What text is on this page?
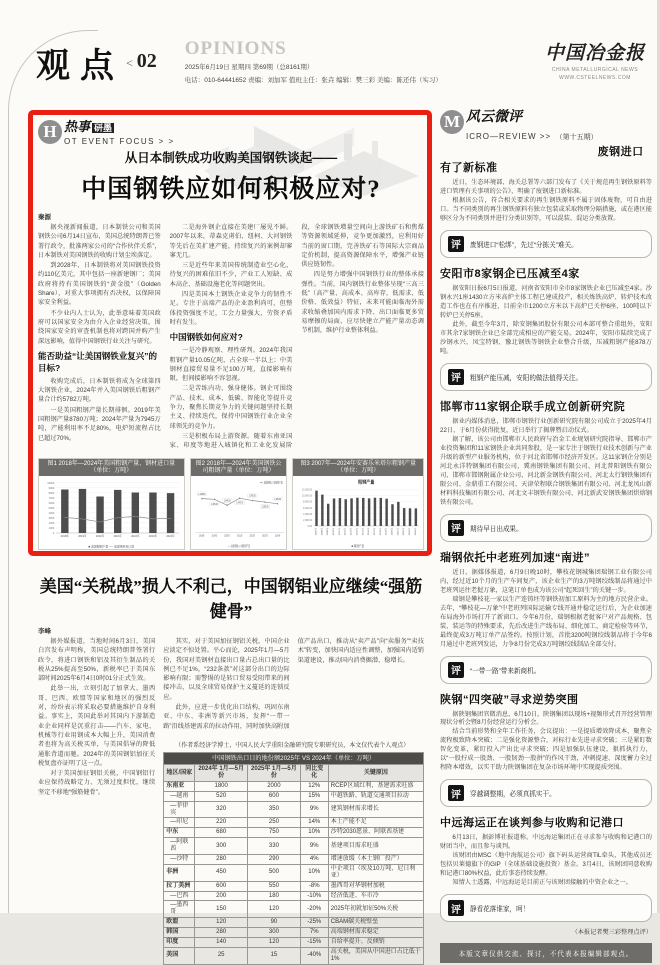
观点 < 02
OPINIONS
2025年6月19日 星期四 第69期（总8161期）
电话：010-64441652 责编：刘加军 值班主任：张垚 编辑：樊三彩 美编：陈还伟（实习）
中国冶金报
CHINA METALLURGICAL NEWS
WWW.CSTEELNEWS.COM
H 热事 研墨
OT EVENT FOCUS > >
从日本制铁成功收购美国钢铁谈起——
中国钢铁应如何积极应对?
秦源

据央视新闻报道，日本制铁公司和美国钢铁公司6月14日宣布，美国总统特朗普已签署行政令，批准两家公司的“合作伙伴关系”，日本制铁对美国钢铁的收购计划尘埃落定。

到2028年，日本制铁将对美国钢铁投资约110亿美元，其中包括一座新建钢厂；美国政府将持有美国钢铁的“黄金股”（Golden Share），对重大事项拥有否决权，以保障国家安全利益。

不少业内人士认为，此举意味着美国政府可以国家安全为由介入企业经营决策，围绕国家安全的审查机制也将对跨国并购产生深远影响，值得中国钢铁行业关注与研究。

能否助益“让美国钢铁业复兴”的目标?

收购完成后，日本制铁将成为全球第四大钢铁企业，2024年并入美国钢铁后粗钢产量合计约5782万吨。

一是美国粗钢产量长期徘徊。2019年美国粗钢产量8780万吨；2024年产量为7945万吨，产能利用率不足80%，电炉短流程占比已超过70%。

二是海外钢企直接在美建厂屡见不鲜。2007年以来，蒂森克虏伯、纽柯、大河钢铁等先后在美扩建产能，持续复兴的案例却寥寥无几。

三是近些年来美国传统制造业空心化，待复兴的困难依旧不少，产业工人短缺、成本高企、基础设施老化等问题突出。

四是美国本土钢铁企业竞争力的韧性不足。专注于高端产品的企业盈利尚可，但整体投资强度不足，工会力量强大，劳资矛盾时有发生。

中国钢铁如何应对?

一是冷静观察、理性研判。2024年我国粗钢产量10.05亿吨，占全球一半以上；中美钢材直接贸易量不足100万吨，直接影响有限，但间接影响不容忽视。

二是苦练内功、强身健体。钢企可围绕产品、技术、成本、低碳、智能化等提升竞争力，聚焦长期竞争力的关键问题坚持长期主义、持续迭代，保持中国钢铁行业企业全球领先的竞争力。

三是积极布局上游资源。随着东南亚国家、印度等地进入城镇化和工业化发展阶段，全球钢铁增量空间向上游铁矿石和焦煤等资源领域延伸，竞争更加激烈，应利用好当前的窗口期，完善铁矿石等国际大宗商品定价机制，提高资源保障水平，增强产业链供应链韧性。

四是努力增强中国钢铁行业的整体承接弹性。当前，国内钢铁行业整体呈现“三高三低”（高产量、高成本、高库存，低需求、低价格、低效益）特征，未来可能面临海外需求收缩叠加国内需求下降、出口面临更多贸易摩擦的局面，应尽快建立产能产量动态调节机制，维护行业整体利益。

图1 2018年—2024年美国粗钢产量、钢材进口量（单位：万吨）
0
1000
2000
3000
4000
5000
6000
7000
8000
9000
10000
2018年	2019年	2020年	2021年	2022年	2023年	2024年
■ 美国粗钢产量 ── 美国钢材进口量
图2 2018年—2024年美国钢铁公司粗钢产量（单位：万吨）
1,425.80
1,395.30
1,149.60
1,443.70
1,345.20
1,280.90
1,209.30
2018年 2019年 2020年 2021年 2022年 2023年 2024年
─●─ 美国钢铁公司粗钢产量
── 美国钢铁公司粗钢产量
图3 2007年—2024年安赛乐米塔尔粗钢产量（单位：万吨）
0.00
2,000.00
4,000.00
6,000.00
8,000.00
10,000.00
12,000.00
2007年	2008年	2009年	2010年	2011年	2012年	2013年	2014年	2015年	2016年	2017年	2018年	2019年	2020年	2021年	2022年	2023年	2024年
粗钢产量
■ 粗钢产量
美国“关税战”损人不利己，中国钢铝业应继续“强筋健骨”
李峰

据外媒报道，当地时间6月3日，美国白宫发布声明称，美国总统特朗普签署行政令，将进口钢铁和铝及其衍生制品的关税从25%提高至50%，新税率已于美国东部时间2025年6月4日0时01分正式生效。

此举一出，立刻引起了加拿大、墨西哥、巴西、欧盟等国家和地区的强烈反对，纷纷表示将采取必要措施维护自身利益。事实上，美国此举对其国内下游制造业企业同样是沉重打击——汽车、家电、机械等行业用钢成本大幅上升，美国消费者也将为高关税买单，与美国倡导的降低通胀背道而驰。2024年的美国钢铝加征关税复盘亦证明了这一点。

对于美国加征钢铝关税，中国钢铝行业应保持战略定力、无须过度担忧，继续坚定不移地“强筋健骨”。

其实，对于美国加征钢铝关税，中国企业应淡定不惊处置。平心而论，2025年1月—5月份，我国对美钢材直接出口量占总出口量的比例已不足1%，“232条款”对这部分出口的边际影响有限；需警惕的是转口贸易受阻带来的间接冲击，以及全球贸易保护主义蔓延的连锁反应。

此外，应进一步优化出口结构，巩固东南亚、中东、非洲等新兴市场，发挥“一带一路”沿线基建需求的拉动作用，同时加快高附加值产品出口，推动从“卖产品”向“卖服务”“卖技术”转变，加快国内适应性调整，加强国内适销渠道建设，推动国内消费掘潜、稳增长。

（作者系经济学博士，中国人民大学重阳金融研究院专职研究员，本文仅代表个人观点）

中国钢铁出口目的地份额2025年 VS 2024年（单位：万吨）				
地区/国家	2024年 1月—5月份	2025年 1月—5月份	同比变化	关键原因
东南亚	1800	2000	12%	RCEP区域红利，基建需求旺盛
—越南	520	600	15%	中越铁路、轨道交通项目拉动
—菲律宾	320	350	9%	建筑钢材需求增长
—印尼	220	250	14%	本土产能不足
中东	680	750	10%	沙特2030愿景、阿联酋基建
—阿联酋	300	330	9%	基建项目需求旺盛
—沙特	280	290	4%	增速放缓（本土钢厂投产）
非洲	450	500	10%	中企项目（埃及10万吨、尼日利亚）
拉丁美洲	600	550	-8%	墨西哥对华钢材加税
—巴西	200	180	-10%	经济低迷、车市冷
—墨西哥	150	120	-20%	2025年初就加征50%关税
欧盟	120	90	-25%	CBAM碳关税壁垒
韩国	280	300	7%	高端钢材需求稳定
印度	140	120	-15%	自给率提升、反倾销
美国	25	15	-40%	高关税，美国从中国进口占比低于1%
M 风云微评
ICRO—REVIEW >> （第十五期）
废钢进口有了新标准

近日，生态环境部、海关总署等六部门发布了《关于规范再生钢铁原料等进口管理有关事项的公告》，明确了废钢进口新标准。

根据该公告，符合相关要求的再生钢铁原料不属于固体废物，可自由进口。当不同类别的再生钢铁原料有独立包装或采取物理分隔措施，或在港区能够区分为不同类别并进行分类识别等，可以混装、混运分类放置。

评	废钢进口“松绑”，先过“分拣关”难关。
安阳市8家钢企已压减至4家

据安阳日报6月5日报道，河南省安阳市全市8家钢铁企业已压减至4家。沙钢永兴1座1430立方米高炉主体工程已建成投产，相关炼铁高炉、转炉技术改造工作也在有序推进，目前全市1200立方米以下高炉已关停6座、100吨以下转炉已关停5座。

此外，截至今年3月，除安钢集团股份有限公司本部可整合重组外，安阳市其余7家钢铁企业已全部完成相应的产能交易。2024年，安阳市陆续完成了沙钢永兴、凤宝特钢、豫北钢铁等钢铁企业整合升级，压减粗钢产能878万吨。

评	粗钢产能压减，安阳的做法值得关注。
邯郸市11家钢企联手成立创新研究院

据业内媒体消息，邯郸市钢铁行业创新研究院有限公司成立于2025年4月22日，于6月份获得批复，近日举行了揭牌暨启动仪式。

据了解，该公司由邯郸市人民政府与冶金工业规划研究院指导、邯郸市产业投资集团和11家钢铁企业共同参股，是一家专注于钢铁行业技术创新与产业升级的新型产业服务机构，位于河北省邯郸市经济开发区。这11家钢企分别是河北永洋特钢集团有限公司、冀南钢铁集团有限公司、河北普阳钢铁有限公司、邯郸市邯钢附属企业公司、河北新金钢铁有限公司、河北太行钢铁集团有限公司、金鼎重工有限公司、天津荣程联合钢铁集团有限公司、河北龙凤山新材料科技集团有限公司、河北文丰钢铁有限公司、河北新武安钢铁集团烘熔钢铁有限公司。

评	期待早日出成果。
瑞钢依托中老班列加速“南进”

近日，据媒体报道，6月9日晚10时，攀枝花钢城集团瑞钢工业有限公司内，经过近10个月的生产车间复产，该企业生产的3万吨钢绞线制品将通过中老班列运往老挝万象，这笔订单也成为该公司“起死回生”的关键一步。

瑞钢是攀枝花一家以生产连铸坯等钢铁初加工原料为主的地方民营企业。去年，“攀枝花—万象”中老班列国际运输专线开通并稳定运行后，为企业加速布局海外市场打开了新窗口。今年6月份，瑞钢根据老挝客户对产品规格、包装、装运等的特殊要求，先后改进生产线布局、细化加工、商定检验等环节，最终促成3万吨订单产品签约。按照计划，首批3200吨钢绞线制品将于今年6月通过中老班列发运，力争8月份完成3万吨钢绞线制品全部交付。

评	“一带一路”带来新商机。
陕钢“四突破”寻求逆势突围

据陕钢集团官微消息，6月10日，陕钢集团以现场+视频形式召开经营管理现状分析会暨8月份经营运行分析会。

结合当前形势和全年工作任务，会议提出：一是提质增效降成本，聚焦全流程极致降本突破；二是强化资源整合，对标行业先进寻求突破；三是紧盯数智化变革，紧盯投入产出比寻求突破；四是加强队伍建设，狠抓执行力，以“一股拧成一股劲、一股韧劲一股拼”的作风干劲，冲刺提速、深度蓄力全过程降本增效，以实干助力陕钢集团在复杂市场环境中实现提质突围。

评	穿越调整期，必须真抓实干。
中远海运正在谈判参与收购和记港口

6月13日，据彭博社报道称，中远海运集团正在寻求参与收购和记港口的财团当中，而且参与谈判。

该财团由MSC（地中海航运公司）旗下码头运营商TiL牵头，其他成员还包括贝莱德旗下的GIP（全球基础设施投资）基金。3月4日，该财团同意收购和记港口80%权益，此后事态持续发酵。

知情人士透露，中远海运是目前正与该财团接触的中资企业之一。

评	静看花落谁家，呵！
（本报记者樊三彩整理点评）
本版文章仅供交流、探讨，不代表本报编辑部观点。
